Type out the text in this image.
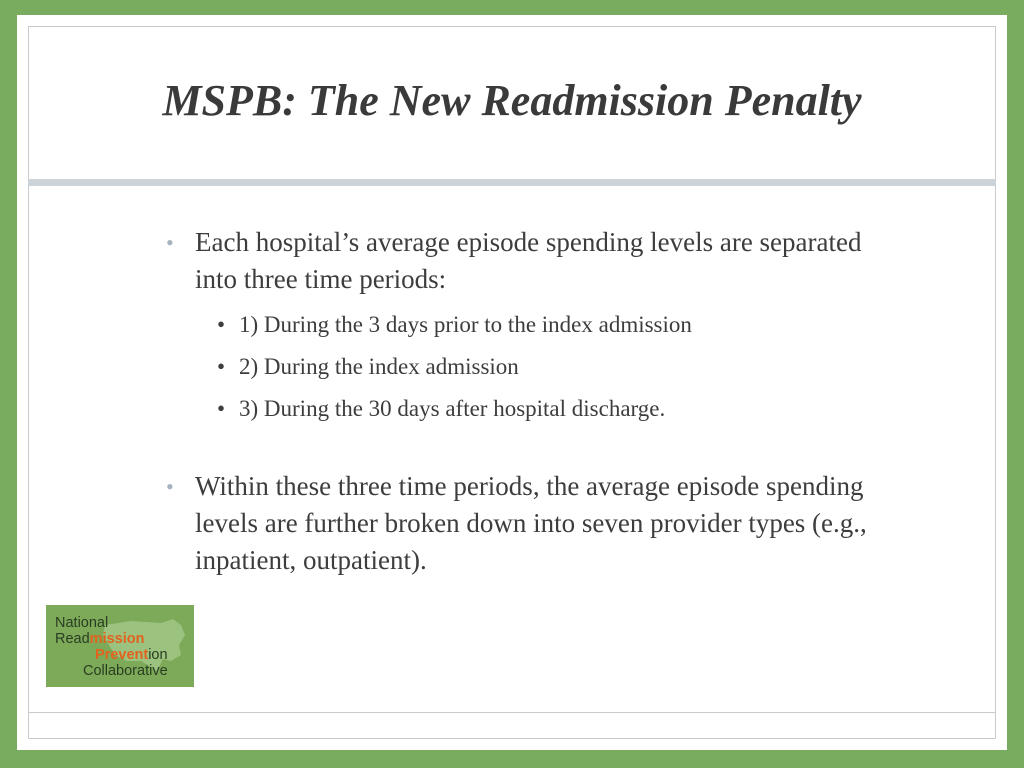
MSPB: The New Readmission Penalty
• Each hospital’s average episode spending levels are separated into three time periods:
• 1) During the 3 days prior to the index admission
• 2) During the index admission
• 3) During the 30 days after hospital discharge.
• Within these three time periods, the average episode spending levels are further broken down into seven provider types (e.g., inpatient, outpatient).
National
Readmission
Prevention
Collaborative
